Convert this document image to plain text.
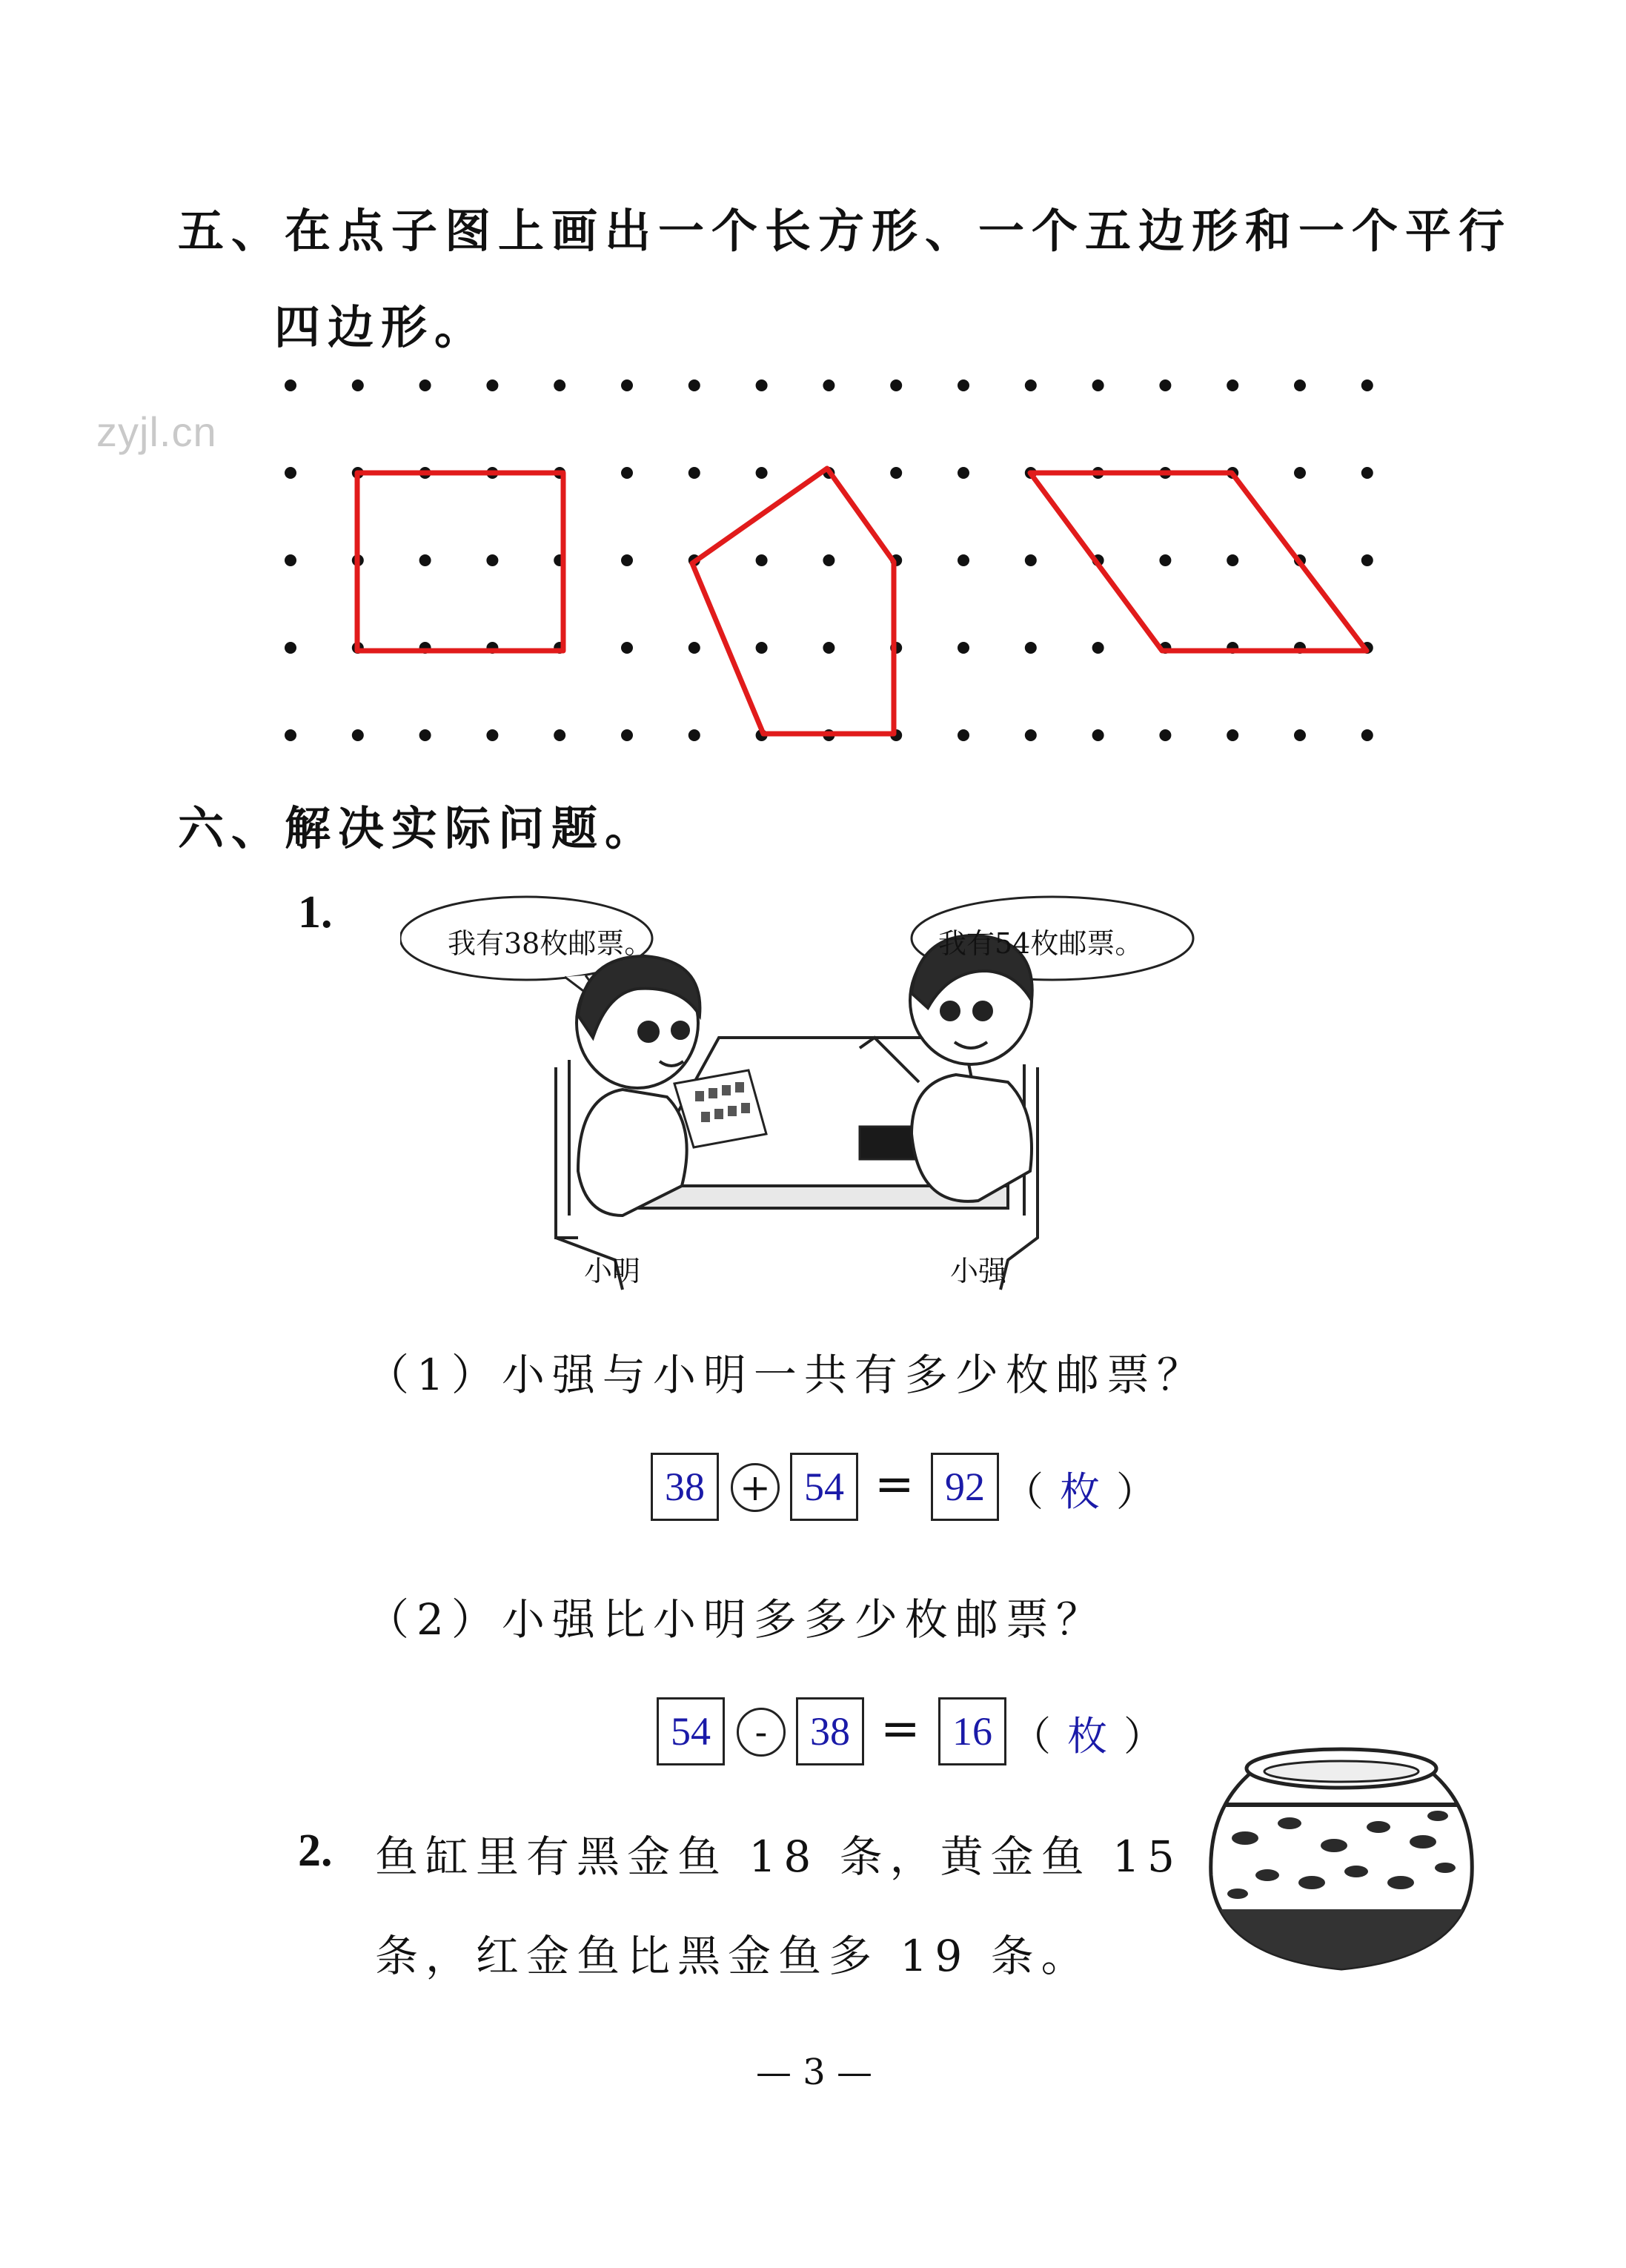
五、在点子图上画出一个长方形、一个五边形和一个平行
四边形。
zyjl.cn
六、解决实际问题。
1.
我有38枚邮票。	我有54枚邮票。
小明	小强
（1）小强与小明一共有多少枚邮票？
38 + 54 = 92 （ 枚 ）
（2）小强比小明多多少枚邮票？
54	-	38 = 16 （ 枚 ）
2. 鱼缸里有黑金鱼 18 条，黄金鱼 15
条，红金鱼比黑金鱼多 19 条。
— 3 —
